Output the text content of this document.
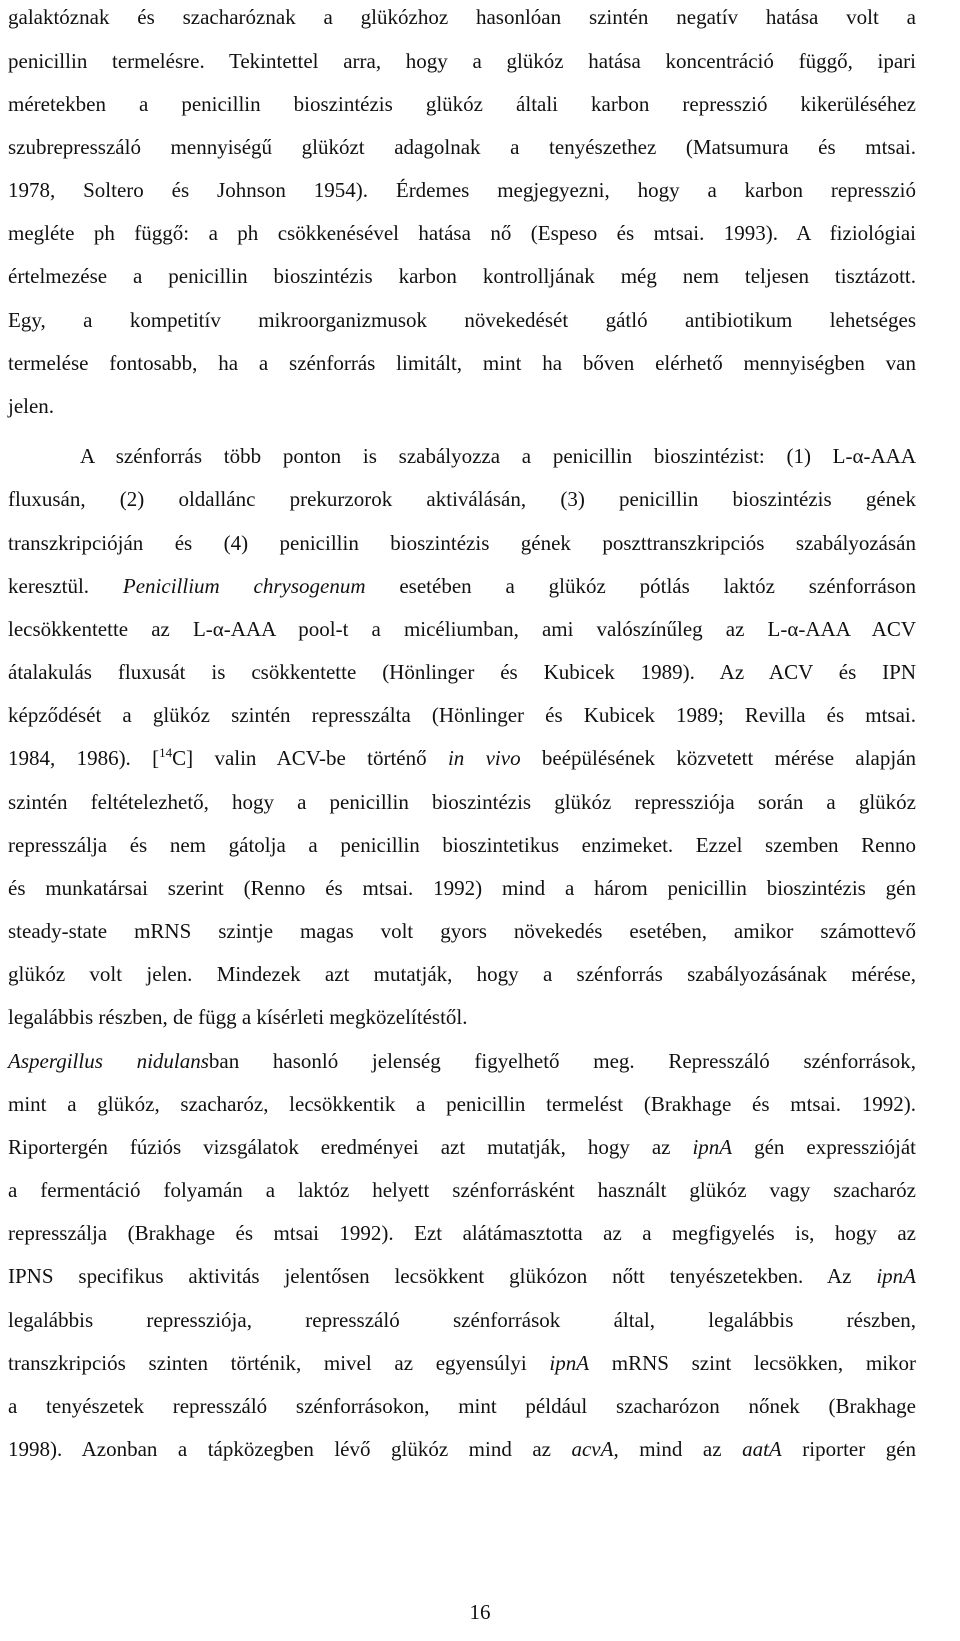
galaktóznak és szacharóznak a glükózhoz hasonlóan szintén negatív hatása volt a
penicillin termelésre. Tekintettel arra, hogy a glükóz hatása koncentráció függő, ipari
méretekben a penicillin bioszintézis glükóz általi karbon represszió kikerüléséhez
szubrepresszáló mennyiségű glükózt adagolnak a tenyészethez (Matsumura és mtsai.
1978, Soltero és Johnson 1954). Érdemes megjegyezni, hogy a karbon represszió
megléte ph függő: a ph csökkenésével hatása nő (Espeso és mtsai. 1993). A fiziológiai
értelmezése a penicillin bioszintézis karbon kontrolljának még nem teljesen tisztázott.
Egy, a kompetitív mikroorganizmusok növekedését gátló antibiotikum lehetséges
termelése fontosabb, ha a szénforrás limitált, mint ha bőven elérhető mennyiségben van
jelen.
A szénforrás több ponton is szabályozza a penicillin bioszintézist: (1) L-α-AAA
fluxusán, (2) oldallánc prekurzorok aktiválásán, (3) penicillin bioszintézis gének
transzkripcióján és (4) penicillin bioszintézis gének poszttranszkripciós szabályozásán
keresztül. Penicillium chrysogenum esetében a glükóz pótlás laktóz szénforráson
lecsökkentette az L-α-AAA pool-t a micéliumban, ami valószínűleg az L-α-AAA ACV
átalakulás fluxusát is csökkentette (Hönlinger és Kubicek 1989). Az ACV és IPN
képződését a glükóz szintén represszálta (Hönlinger és Kubicek 1989; Revilla és mtsai.
1984, 1986). [$^{14}$C] valin ACV-be történő in vivo beépülésének közvetett mérése alapján
szintén feltételezhető, hogy a penicillin bioszintézis glükóz repressziója során a glükóz
represszálja és nem gátolja a penicillin bioszintetikus enzimeket. Ezzel szemben Renno
és munkatársai szerint (Renno és mtsai. 1992) mind a három penicillin bioszintézis gén
steady-state mRNS szintje magas volt gyors növekedés esetében, amikor számottevő
glükóz volt jelen. Mindezek azt mutatják, hogy a szénforrás szabályozásának mérése,
legalábbis részben, de függ a kísérleti megközelítéstől.
Aspergillus nidulansban hasonló jelenség figyelhető meg. Represszáló szénforrások,
mint a glükóz, szacharóz, lecsökkentik a penicillin termelést (Brakhage és mtsai. 1992).
Riportergén fúziós vizsgálatok eredményei azt mutatják, hogy az ipnA gén expresszióját
a fermentáció folyamán a laktóz helyett szénforrásként használt glükóz vagy szacharóz
represszálja (Brakhage és mtsai 1992). Ezt alátámasztotta az a megfigyelés is, hogy az
IPNS specifikus aktivitás jelentősen lecsökkent glükózon nőtt tenyészetekben. Az ipnA
legalábbis	repressziója,	represszáló	szénforrások	által,	legalábbis	részben,
transzkripciós szinten történik, mivel az egyensúlyi ipnA mRNS szint lecsökken, mikor
a tenyészetek represszáló szénforrásokon, mint például szacharózon nőnek (Brakhage
1998). Azonban a tápközegben lévő glükóz mind az acvA, mind az aatA riporter gén
16
